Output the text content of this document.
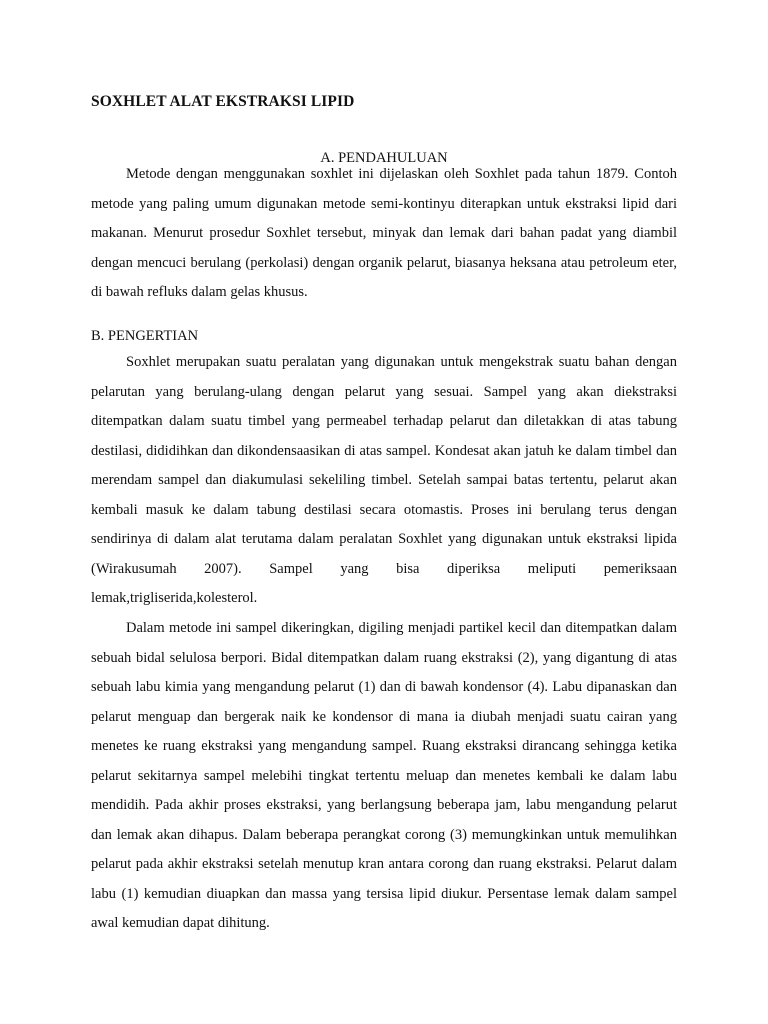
SOXHLET ALAT EKSTRAKSI LIPID
A. PENDAHULUAN

Metode dengan menggunakan soxhlet ini dijelaskan oleh Soxhlet pada tahun 1879. Contoh metode yang paling umum digunakan metode semi-kontinyu diterapkan untuk ekstraksi lipid dari makanan. Menurut prosedur Soxhlet tersebut, minyak dan lemak dari bahan padat yang diambil dengan mencuci berulang (perkolasi) dengan organik pelarut, biasanya heksana atau petroleum eter, di bawah refluks dalam gelas khusus.

B. PENGERTIAN

Soxhlet merupakan suatu peralatan yang digunakan untuk mengekstrak suatu bahan dengan pelarutan yang berulang-ulang dengan pelarut yang sesuai. Sampel yang akan diekstraksi ditempatkan dalam suatu timbel yang permeabel terhadap pelarut dan diletakkan di atas tabung destilasi, dididihkan dan dikondensaasikan di atas sampel. Kondesat akan jatuh ke dalam timbel dan merendam sampel dan diakumulasi sekeliling timbel. Setelah sampai batas tertentu, pelarut akan kembali masuk ke dalam tabung destilasi secara otomastis. Proses ini berulang terus dengan sendirinya di dalam alat terutama dalam peralatan Soxhlet yang digunakan untuk ekstraksi lipida (Wirakusumah 2007). Sampel yang bisa diperiksa meliputi pemeriksaan lemak,trigliserida,kolesterol.

Dalam metode ini sampel dikeringkan, digiling menjadi partikel kecil dan ditempatkan dalam sebuah bidal selulosa berpori. Bidal ditempatkan dalam ruang ekstraksi (2), yang digantung di atas sebuah labu kimia yang mengandung pelarut (1) dan di bawah kondensor (4). Labu dipanaskan dan pelarut menguap dan bergerak naik ke kondensor di mana ia diubah menjadi suatu cairan yang menetes ke ruang ekstraksi yang mengandung sampel. Ruang ekstraksi dirancang sehingga ketika pelarut sekitarnya sampel melebihi tingkat tertentu meluap dan menetes kembali ke dalam labu mendidih. Pada akhir proses ekstraksi, yang berlangsung beberapa jam, labu mengandung pelarut dan lemak akan dihapus. Dalam beberapa perangkat corong (3) memungkinkan untuk memulihkan pelarut pada akhir ekstraksi setelah menutup kran antara corong dan ruang ekstraksi. Pelarut dalam labu (1) kemudian diuapkan dan massa yang tersisa lipid diukur. Persentase lemak dalam sampel awal kemudian dapat dihitung.
